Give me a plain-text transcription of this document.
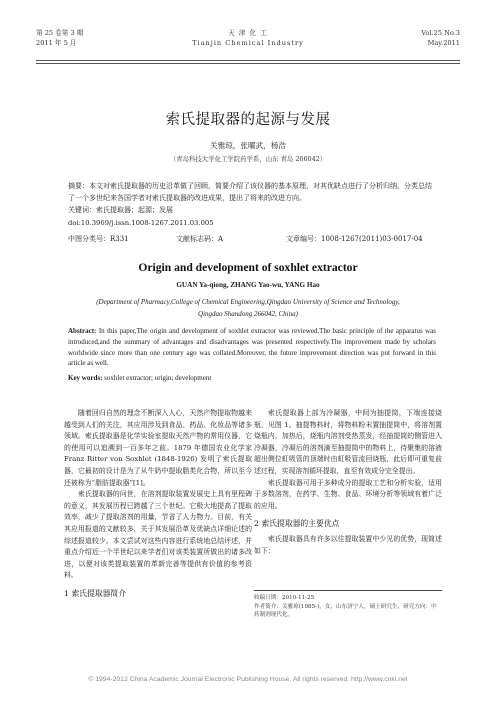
第 25 卷第 3 期
2011 年 5 月
天 津 化 工
Tianjin Chemical Industry
Vol.25 No.3
May.2011
索氏提取器的起源与发展
关雅琼，张曜武，杨浩
（青岛科技大学化工学院药学系，山东 青岛 266042）
摘要：本文对索氏提取器的历史沿革做了回顾，简要介绍了该仪器的基本原理，对其优缺点进行了分析归纳，分类总结了一个多世纪来各国学者对索氏提取器的改进成果，提出了将来的改进方向。
关键词：索氏提取器；起源；发展
doi:10.3969/j.issn.1008-1267.2011.03.005
中图分类号：R331	文献标志码：A	文章编号：1008-1267(2011)03-0017-04
Origin and development of soxhlet extractor
GUAN Ya-qiong, ZHANG Yao-wu, YANG Hao
(Department of Pharmacy,College of Chemical Engineering,Qingdao University of Science and Technology,
Qingdao Shandong 266042, China)
Abstract: In this paper,The origin and development of soxhlet extractor was reviewed.The basic principle of the apparatus was introduced,and the summary of advantages and disadvantages was presented respectively.The improvement made by scholars worldwide since more than one century ago was collated.Moreover, the future improvement direction was put forward in this article as well.
Key words: soxhlet extractor; origin; development

随着回归自然的理念不断深入人心，天然产物提取物越来越受到人们的关注，其应用涉及到食品、药品、化妆品等诸多领域。索氏提取器是化学实验室提取天然产物的常用仪器，它的使用可以追溯到一百多年之前。1879 年德国农业化学家 Franz Ritter von Soxhlet (1848-1926) 发明了索氏提取器，它最初的设计是为了从牛奶中提取脂类化合物，所以至今还被称为“脂肪提取器”[1]。

索氏提取器的问世，在溶剂提取装置发展史上具有里程碑的意义，其发展历程已跨越了三个世纪。它极大地提高了提取效率，减少了提取溶剂的用量，节省了人力物力。目前，有关其应用报道的文献较多，关于其发展沿革及优缺点详细论述的综述报道较少。本文尝试对这些内容进行系统地总结评述，并重点介绍近一个半世纪以来学者们对该类装置所做出的诸多改进，以便对该类提取装置的革新完善等提供有价值的参考资料。

1 索氏提取器简介

索氏提取器上部为冷凝器，中间为抽提筒，下端连接烧瓶，见图 1。抽提物料时，将物料粉末置抽提筒中，将溶剂置烧瓶内，加热后，烧瓶内溶剂受热蒸发，经抽提筒的侧管进入冷凝器，冷凝后的溶剂滴至抽提筒中的物料上，待聚集的溶液超出侧位虹吸管的顶端时由虹吸管流回烧瓶，此后即可重复前述过程，实现溶剂循环提取，直至有效成分完全提出。

索氏提取器可用于多种成分的提取工艺和分析实验，适用于多数溶剂，在药学、生物、食品、环境分析等领域有着广泛的应用。

2 索氏提取器的主要优点

索氏提取器具有许多以往提取装置中少见的优势，现简述如下：

收稿日期：2010-11-25
作者简介：关雅琼(1985-)，女，山东济宁人，硕士研究生，研究方向：中药制剂现代化。
© 1994-2012 China Academic Journal Electronic Publishing House. All rights reserved. http://www.cnki.net
